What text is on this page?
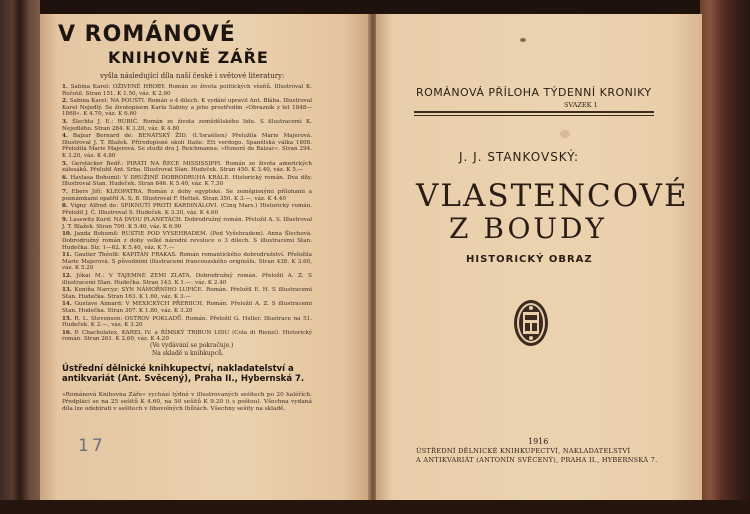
V ROMÁNOVÉ
KNIHOVNĚ ZÁŘE
vyšla následující díla naší české i světové literatury:
1. Sabina Karel: OŽIVENÉ HROBY. Román ze života politických vězňů. Illustroval K. Ročotil. Stran 151. K 1.50, váz. K 2.90
2. Sabina Karel: NA POUŠTI. Román o 4 dílech. K vydání upravil Ant. Bláha. Illustroval Karel Nejedlý. Se životopisem Karla Sabiny a jeho prostředím »Obrazník z let 1848—1868«. K 4.70, váz. K 6.60
3. Šlechta J. E.: RUBIČ. Román ze života zemědělského lidu. S illustracemi K. Nejedlého. Stran 284. K 3.20, váz. K 4.80
4. Bajzar Bernard de: BENÁTSKÝ ŽID. (L'Israélien) Přeložila Marie Majerová. Illustroval J. T. Blažek. Přírodopisné okolí Italie: Ett verdogo. Spanělská válka 1808. Přeložila Marie Majerová. Se studií dra J. Reichmanna: »Honoré de Balzac«. Stran 294. K 3.20, váz. K 4.80
5. Gerstäcker Bedř.: PIRÁTI NA ŘECE MISSISSIPPI. Román ze života amerických zálesáků. Přeložil Ant. Srba. Illustroval Stan. Hudeček. Stran 450. K 3.40, váz. K 5.—
6. Havlasa Bohumil: V DRUŽINĚ DOBRODRUHA KRÁLE. Historický román. Dva díly. Illustroval Stan. Hudeček. Stran 646. K 5.40, váz. K 7.30
7. Ebers Jiří: KLEOPATRA. Román z doby egyptské. Se zeměpisnými přílohami a poznámkami opatřil A. S. B. Illustroval F. Hetteš. Stran 350. K 3.—, váz. K 4.40
8. Vigny Alfred de: SPIKNUTÍ PROTI KARDINÁLOVI. (Cinq Mars.) Historický román. Přeložil J. Č. Illustroval S. Hudeček. K 3.20, váz. K 4.60
9. Lasswitz Kurd: NA DVOU PLANETÁCH. Dobrodružný román. Přeložil A. S. Illustroval J. T. Blažek. Stran 700. K 5.40, váz. K 6.90
10. Janda Bohumil: RUSTIE POD VYSEHRADEM. (Pod Vyšehradem). Anna Šlechová. Dobrodružný román z doby velké národní revoluce o 3 dílech. S illustracemi Stan. Hudečka. Str. 1—62. K 5.40, váz. K 7.—
11. Gautier Théofil: KAPITÁN FRAKAS. Román romantického dobrodružství. Přeložila Marie Majerová. S původními illustracemi francouzského originálu. Stran 438. K 3.60, váz. K 5.20
12. Jókai M.: V TAJEMNÉ ZEMI ZLATA. Dobrodružný román. Přeložil A. Z. S illustracemi Stan. Hudečka. Stran 143. K 1.—, váz. K 2.40
13. Kuniňa Narcyz: SYN NÁMOŘNÍHO LUPIČE. Román. Přeložil E. H. S illustracemi Stan. Hudečka. Stran 163. K 1.60, váz. K 3.—
14. Gustave Aimard: V MEXICKÝCH PŘERIICH. Román. Přeložil A. Z. S illustracemi Stan. Hudečka. Stran 307. K 1.80, váz. K 3.20
15. R. L. Stevenson: OSTROV POKLADŮ. Román. Přeložil G. Heller. Illustrace na 51. Hudeček. K 2.—, váz. K 3.20
16. P. Chacholatex, KAREL IV. a ŘÍMSKÝ TRIBUN LIDU (Cola di Rienzi). Historický román. Stran 261. K 2.60, váz. K 4.20
(Ve vydávání se pokračuje.)
Na skladě u knihkupců.
Ústřední dělnické knihkupectví, nakladatelství a antikvariát (Ant. Svěcený), Praha II., Hybernská 7.
»Románová Knihovna Záře« vychází týdně v illustrovaných sešitech po 20 haléřích. Předplácí se na 25 sešitů K 4.60, na 50 sešitů K 9.20 (i s poštou). Všechna vydaná díla lze odebírati v sešitech v libovolných lhůtách. Všechny sešity na skladě.
17
ROMÁNOVÁ PŘÍLOHA TÝDENNÍ KRONIKY
SVAZEK 1
J. J. STANKOVSKÝ:
VLASTENCOVÉ
Z BOUDY
HISTORICKÝ OBRAZ
1916
ÚSTŘEDNÍ DĚLNICKÉ KNIHKUPECTVÍ, NAKLADATELSTVÍ
A ANTIKVARIÁT (ANTONÍN SVĚCENÝ), PRAHA II., HYBERNSKÁ 7.
